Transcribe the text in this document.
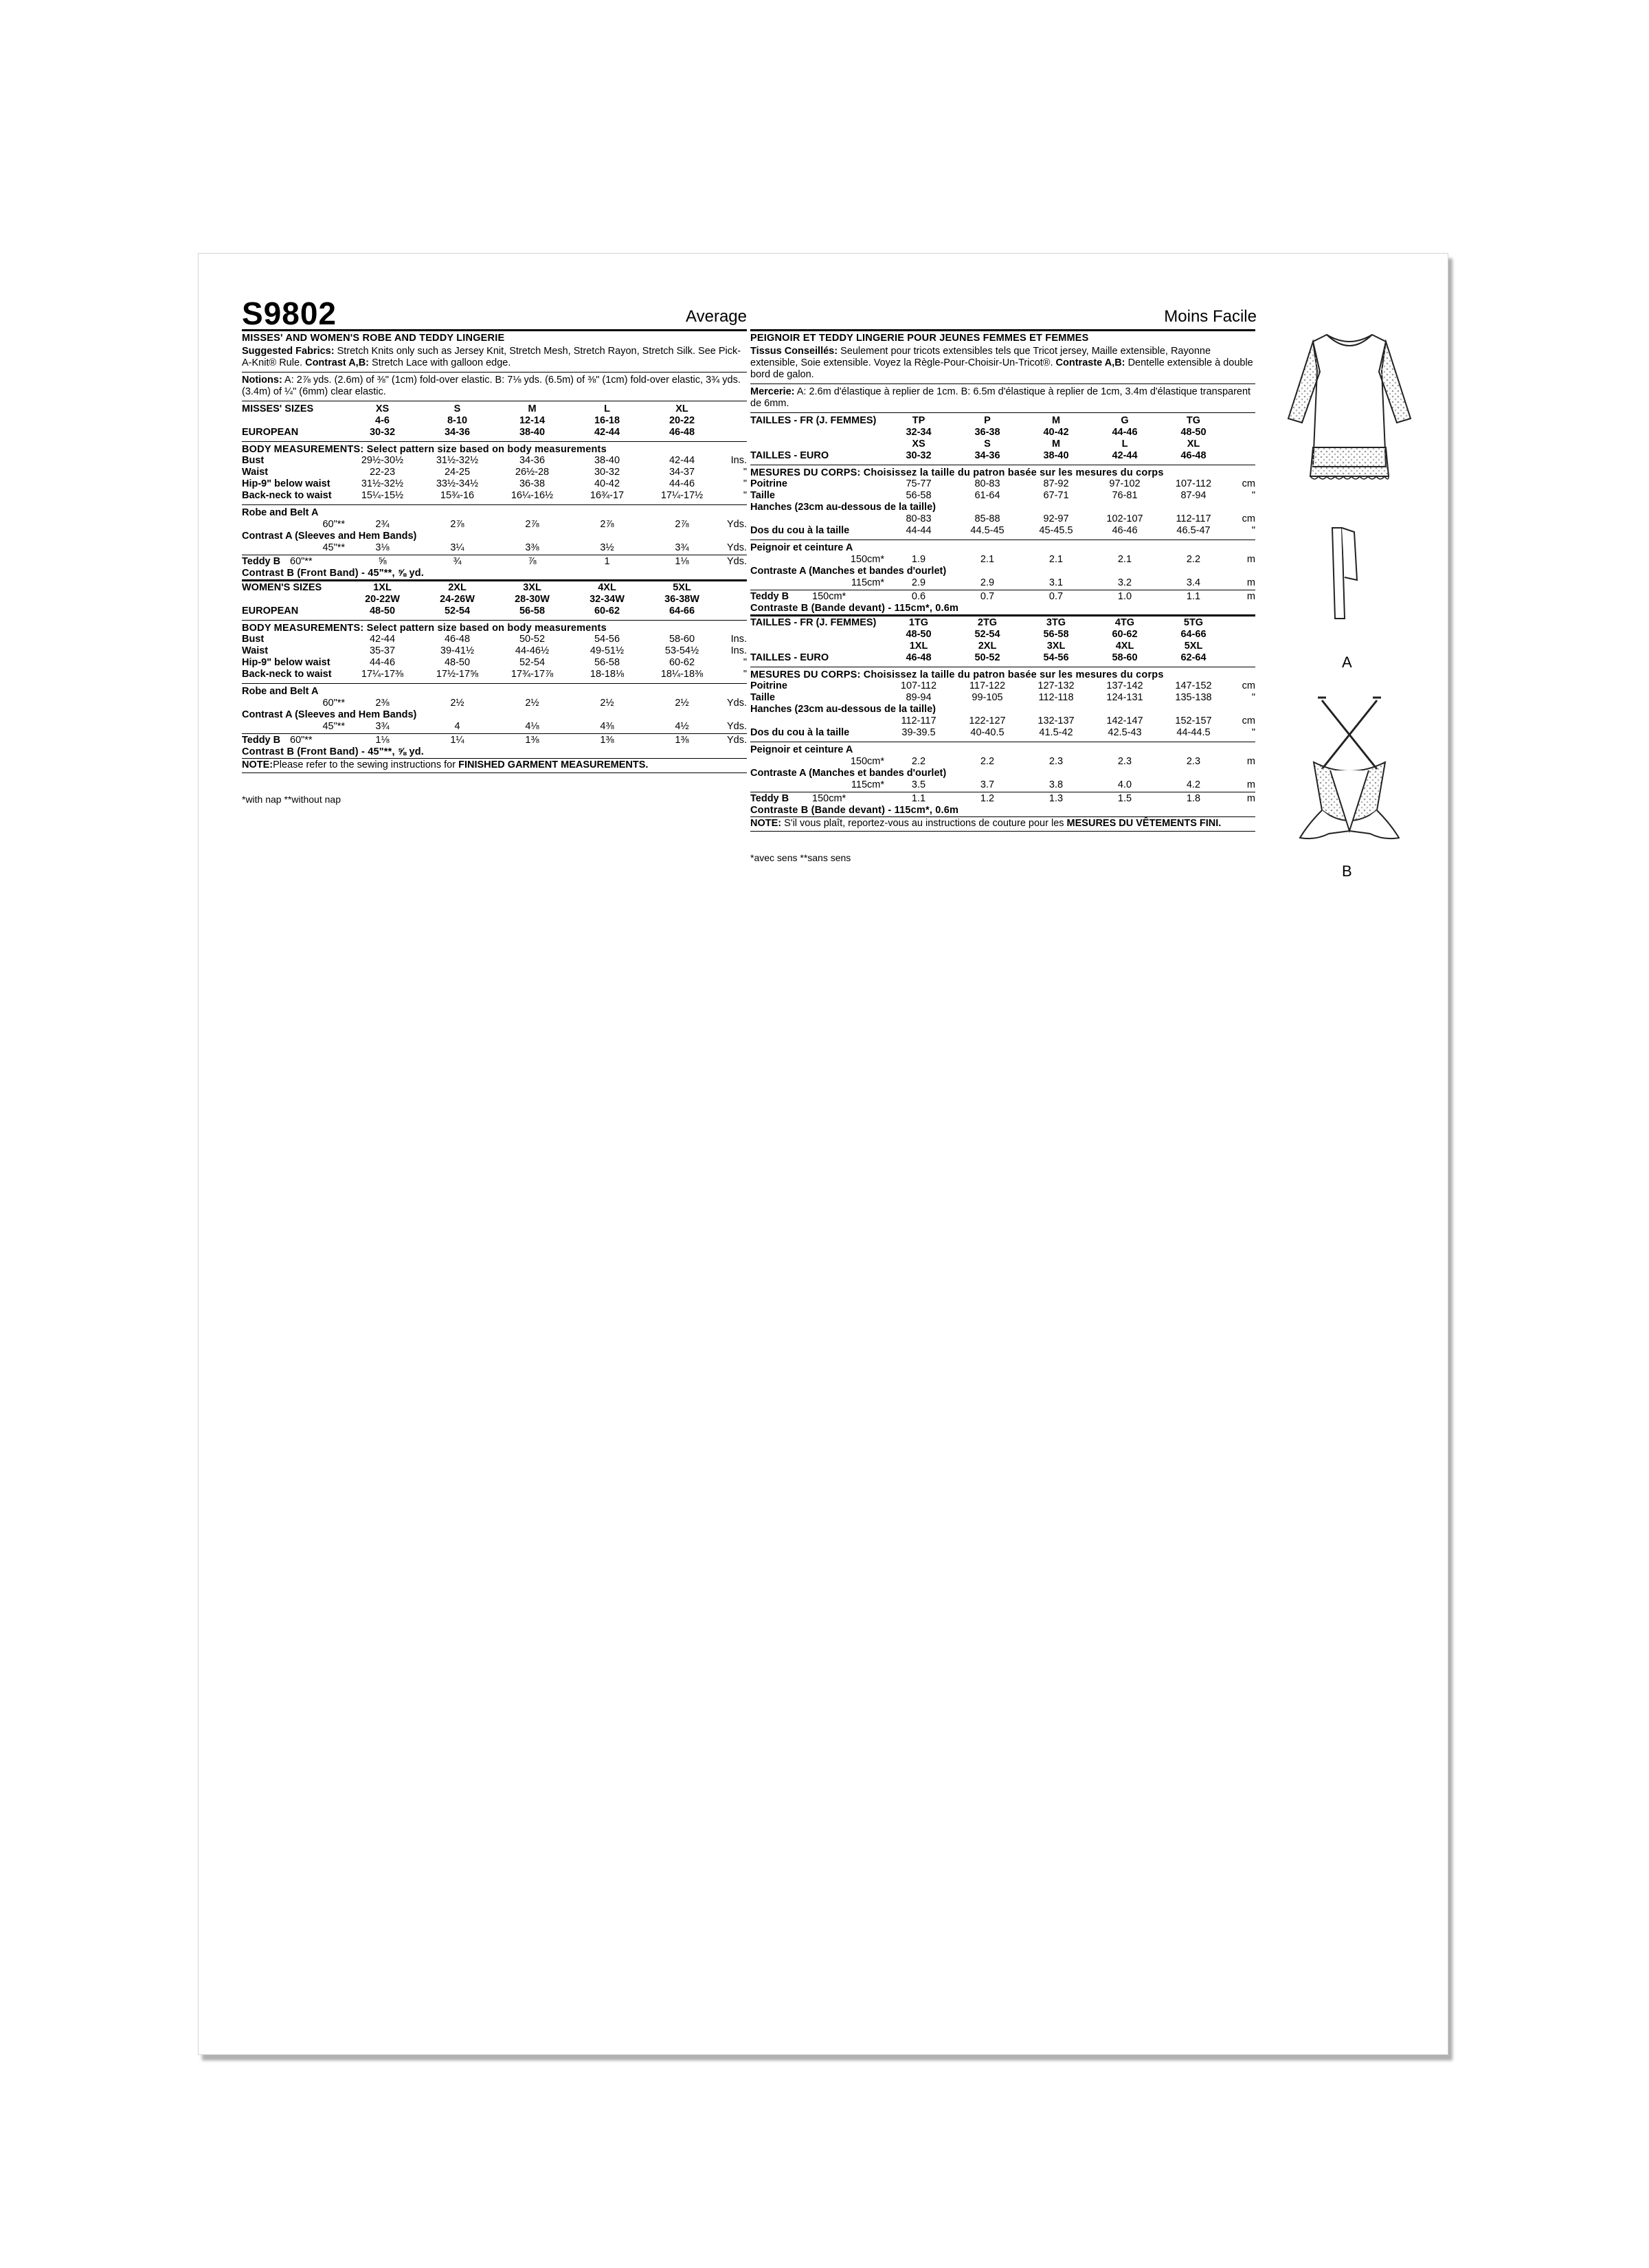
S9802	Average
MISSES' AND WOMEN'S ROBE AND TEDDY LINGERIE

Suggested Fabrics: Stretch Knits only such as Jersey Knit, Stretch Mesh, Stretch Rayon, Stretch Silk. See Pick-A-Knit® Rule. Contrast A,B: Stretch Lace with galloon edge.

Notions: A: 2⅞ yds. (2.6m) of ⅜" (1cm) fold-over elastic. B: 7⅛ yds. (6.5m) of ⅜" (1cm) fold-over elastic, 3¾ yds. (3.4m) of ¼" (6mm) clear elastic.

MISSES' SIZES	XS	S	M	L	XL	
	4-6	8-10	12-14	16-18	20-22	
EUROPEAN	30-32	34-36	38-40	42-44	46-48	
BODY MEASUREMENTS: Select pattern size based on body measurements
Bust	29½-30½	31½-32½	34-36	38-40	42-44	Ins.
Waist	22-23	24-25	26½-28	30-32	34-37	"
Hip-9" below waist	31½-32½	33½-34½	36-38	40-42	44-46	"
Back-neck to waist	15¼-15½	15¾-16	16¼-16½	16¾-17	17¼-17½	"
Robe and Belt A						
60"**	2¾	2⅞	2⅞	2⅞	2⅞	Yds.
Contrast A (Sleeves and Hem Bands)						
45"**	3⅛	3¼	3⅜	3½	3¾	Yds.
Teddy B	60"**	⅝	¾	⅞	1	1⅛	Yds.
Contrast B (Front Band) - 45"**, ⅝ yd.
WOMEN'S SIZES	1XL	2XL	3XL	4XL	5XL	
	20-22W	24-26W	28-30W	32-34W	36-38W	
EUROPEAN	48-50	52-54	56-58	60-62	64-66	
BODY MEASUREMENTS: Select pattern size based on body measurements
Bust	42-44	46-48	50-52	54-56	58-60	Ins.
Waist	35-37	39-41½	44-46½	49-51½	53-54½	Ins.
Hip-9" below waist	44-46	48-50	52-54	56-58	60-62	"
Back-neck to waist	17¼-17⅜	17½-17⅝	17¾-17⅞	18-18⅛	18¼-18⅜	"
Robe and Belt A						
60"**	2⅜	2½	2½	2½	2½	Yds.
Contrast A (Sleeves and Hem Bands)						
45"**	3¾	4	4⅛	4⅜	4½	Yds.
Teddy B	60"**	1⅛	1¼	1⅜	1⅜	1⅜	Yds.
Contrast B (Front Band) - 45"**, ⅝ yd.

NOTE:Please refer to the sewing instructions for FINISHED GARMENT MEASUREMENTS.

*with nap **without nap
Moins Facile
PEIGNOIR ET TEDDY LINGERIE POUR JEUNES FEMMES ET FEMMES

Tissus Conseillés: Seulement pour tricots extensibles tels que Tricot jersey, Maille extensible, Rayonne extensible, Soie extensible. Voyez la Règle-Pour-Choisir-Un-Tricot®. Contraste A,B: Dentelle extensible à double bord de galon.

Mercerie: A: 2.6m d'élastique à replier de 1cm. B: 6.5m d'élastique à replier de 1cm, 3.4m d'élastique transparent de 6mm.

TAILLES - FR (J. FEMMES)	TP	P	M	G	TG	
	32-34	36-38	40-42	44-46	48-50	
	XS	S	M	L	XL	
TAILLES - EURO	30-32	34-36	38-40	42-44	46-48	
MESURES DU CORPS: Choisissez la taille du patron basée sur les mesures du corps
Poitrine	75-77	80-83	87-92	97-102	107-112	cm
Taille	56-58	61-64	67-71	76-81	87-94	"
Hanches (23cm au-dessous de la taille)						
	80-83	85-88	92-97	102-107	112-117	cm
Dos du cou à la taille	44-44	44.5-45	45-45.5	46-46	46.5-47	"
Peignoir et ceinture A						
150cm*	1.9	2.1	2.1	2.1	2.2	m
Contraste A (Manches et bandes d'ourlet)						
115cm*	2.9	2.9	3.1	3.2	3.4	m
Teddy B	150cm*	0.6	0.7	0.7	1.0	1.1	m
Contraste B (Bande devant) - 115cm*, 0.6m
TAILLES - FR (J. FEMMES)	1TG	2TG	3TG	4TG	5TG	
	48-50	52-54	56-58	60-62	64-66	
	1XL	2XL	3XL	4XL	5XL	
TAILLES - EURO	46-48	50-52	54-56	58-60	62-64	
MESURES DU CORPS: Choisissez la taille du patron basée sur les mesures du corps
Poitrine	107-112	117-122	127-132	137-142	147-152	cm
Taille	89-94	99-105	112-118	124-131	135-138	"
Hanches (23cm au-dessous de la taille)						
	112-117	122-127	132-137	142-147	152-157	cm
Dos du cou à la taille	39-39.5	40-40.5	41.5-42	42.5-43	44-44.5	"
Peignoir et ceinture A						
150cm*	2.2	2.2	2.3	2.3	2.3	m
Contraste A (Manches et bandes d'ourlet)						
115cm*	3.5	3.7	3.8	4.0	4.2	m
Teddy B	150cm*	1.1	1.2	1.3	1.5	1.8	m
Contraste B (Bande devant) - 115cm*, 0.6m

NOTE: S'il vous plaît, reportez-vous au instructions de couture pour les MESURES DU VÊTEMENTS FINI.

*avec sens **sans sens
A
B
